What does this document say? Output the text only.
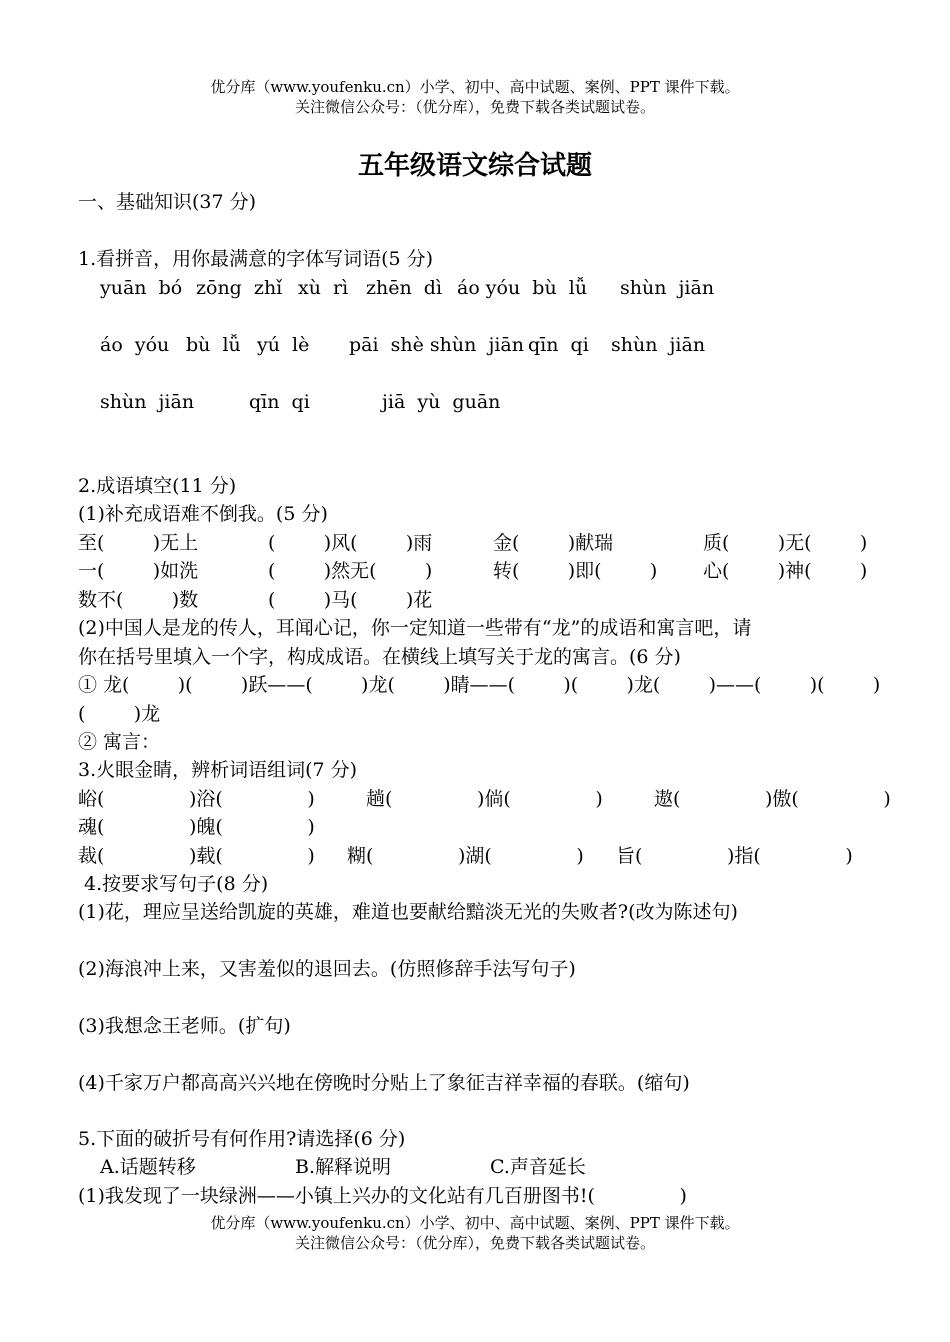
优分库（www.youfenku.cn）小学、初中、高中试题、案例、PPT 课件下载。
关注微信公众号：（优分库），免费下载各类试题试卷。
五年级语文综合试题
一、基础知识(37 分)
1.看拼音，用你最满意的字体写词语(5 分)
yuān  bó zōng  zhǐ xù  rì zhēn  dì áo yóu  bù  lǚ shùn  jiān
áo  yóu bù  lǚ yú  lè pāi  shè shùn  jiān qīn  qi shùn  jiān
shùn  jiān	qīn  qi	jiā  yù  guān
2.成语填空(11 分)
(1)补充成语难不倒我。(5 分)
至(        )无上	(        )风(        )雨	金(        )献瑞	质(        )无(        )
一(        )如洗	(        )然无(        )	转(        )即(        ) 心(        )神(        )
数不(        )数	(        )马(        )花
(2)中国人是龙的传人，耳闻心记，你一定知道一些带有“龙”的成语和寓言吧，请
你在括号里填入一个字，构成成语。在横线上填写关于龙的寓言。(6 分)
① 龙(        )(        )跃——(        )龙(        )睛——(        )(        )龙(        )——(        )(        )
(        )龙
② 寓言：
3.火眼金睛，辨析词语组词(7 分)
峪(              )浴(              )	趟(              )倘(              )	遨(              )傲(              )
魂(              )魄(              )
裁(              )载(              ) 糊(              )湖(              ) 旨(              )指(              )
4.按要求写句子(8 分)
(1)花，理应呈送给凯旋的英雄，难道也要献给黯淡无光的失败者?(改为陈述句)
(2)海浪冲上来，又害羞似的退回去。(仿照修辞手法写句子)
(3)我想念王老师。(扩句)
(4)千家万户都高高兴兴地在傍晚时分贴上了象征吉祥幸福的春联。(缩句)
5.下面的破折号有何作用?请选择(6 分)
A.话题转移	B.解释说明	C.声音延长
(1)我发现了一块绿洲——小镇上兴办的文化站有几百册图书!(              )
优分库（www.youfenku.cn）小学、初中、高中试题、案例、PPT 课件下载。
关注微信公众号：（优分库），免费下载各类试题试卷。
